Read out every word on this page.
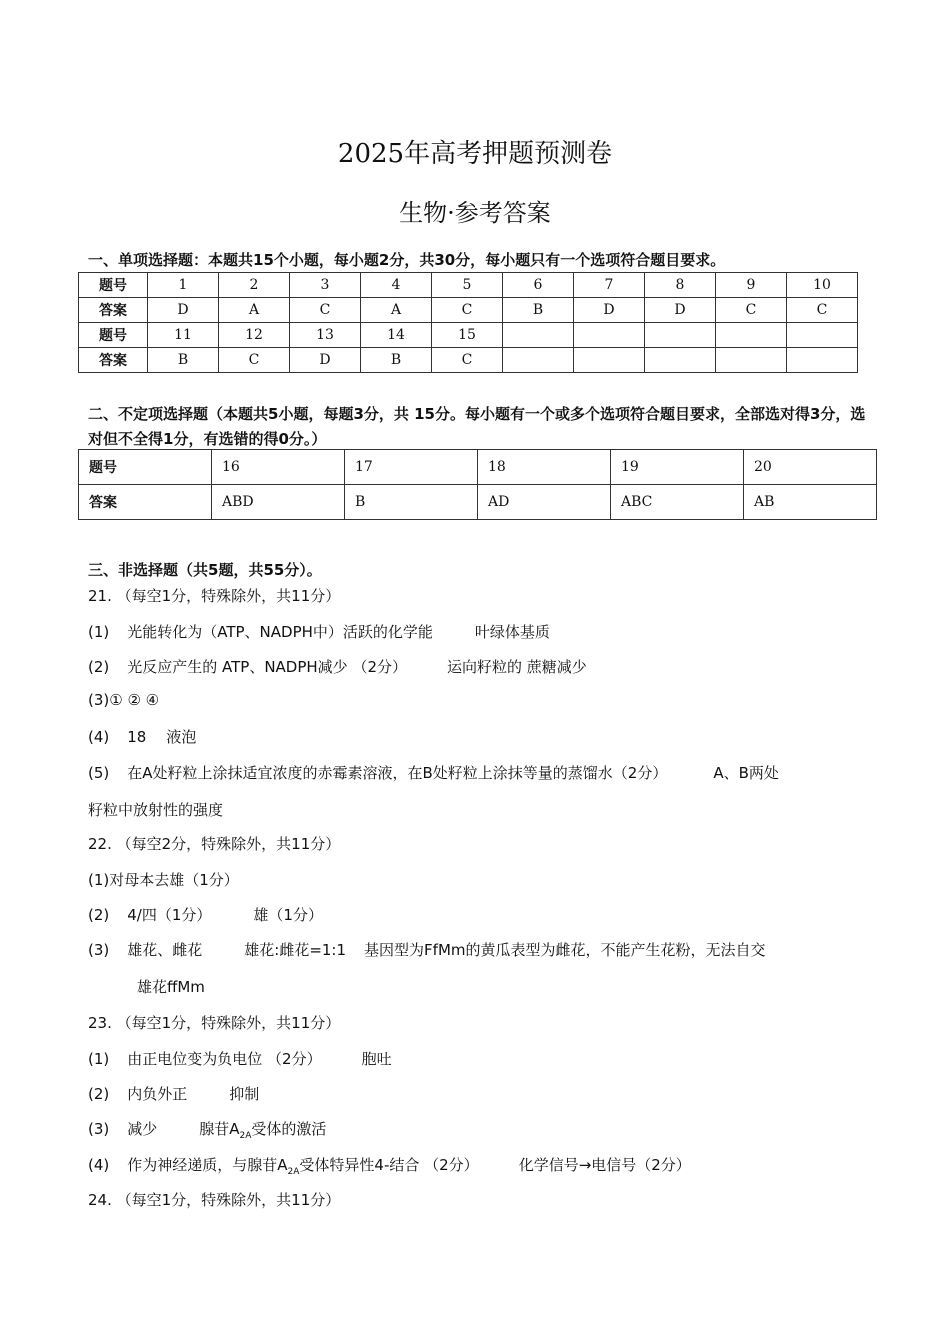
2025年高考押题预测卷
生物·参考答案
一、单项选择题：本题共15个小题，每小题2分，共30分，每小题只有一个选项符合题目要求。
题号	1	2	3	4	5	6	7	8	9	10
答案	D	A	C	A	C	B	D	D	C	C
题号	11	12	13	14	15					
答案	B	C	D	B	C					
二、不定项选择题（本题共5小题，每题3分，共 15分。每小题有一个或多个选项符合题目要求，全部选对得3分，选对但不全得1分，有选错的得0分。）
题号	16	17	18	19	20
答案	ABD	B	AD	ABC	AB
三、非选择题（共5题，共55分）。
21. （每空1分，特殊除外，共11分）
(1) 光能转化为（ATP、NADPH中）活跃的化学能	叶绿体基质
(2) 光反应产生的 ATP、NADPH减少 （2分）	运向籽粒的 蔗糖减少
(3)① ② ④
(4) 18 液泡
(5) 在A处籽粒上涂抹适宜浓度的赤霉素溶液，在B处籽粒上涂抹等量的蒸馏水（2分）	A、B两处
籽粒中放射性的强度
22. （每空2分，特殊除外，共11分）
(1)对母本去雄（1分）
(2) 4/四（1分）	雄（1分）
(3) 雄花、雌花	雄花:雌花=1:1 基因型为FfMm的黄瓜表型为雌花，不能产生花粉，无法自交
雄花ffMm
23. （每空1分，特殊除外，共11分）
(1) 由正电位变为负电位 （2分）	胞吐
(2) 内负外正	抑制
(3) 减少	腺苷$A_{2A}$受体的激活
(4) 作为神经递质，与腺苷$A_{2A}$受体特异性4-结合 （2分）	化学信号→电信号（2分）
24. （每空1分，特殊除外，共11分）
